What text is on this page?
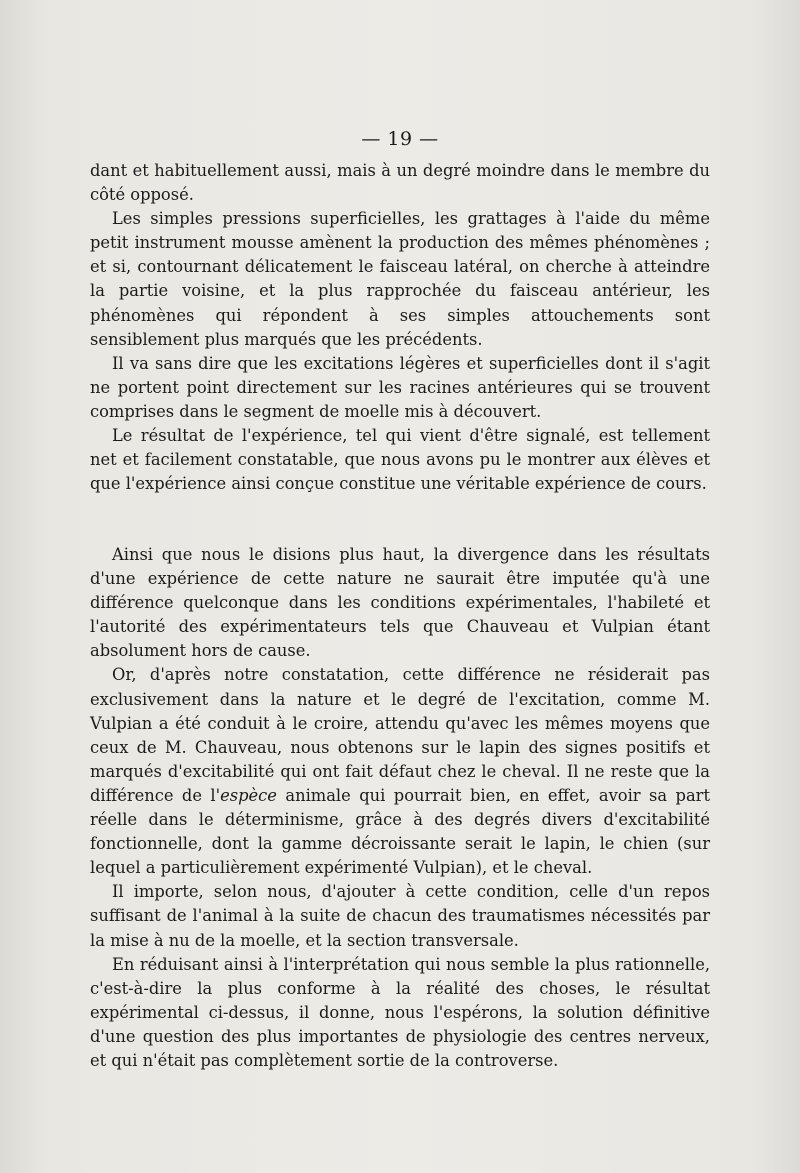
— 19 —

dant et habituellement aussi, mais à un degré moindre dans le membre du côté opposé.

Les simples pressions superficielles, les grattages à l'aide du même petit instrument mousse amènent la production des mêmes phénomènes ; et si, contournant délicatement le faisceau latéral, on cherche à atteindre la partie voisine, et la plus rapprochée du faisceau antérieur, les phénomènes qui répondent à ses simples attouchements sont sensiblement plus marqués que les précédents.

Il va sans dire que les excitations légères et superficielles dont il s'agit ne portent point directement sur les racines antérieures qui se trouvent comprises dans le segment de moelle mis à découvert.

Le résultat de l'expérience, tel qui vient d'être signalé, est tellement net et facilement constatable, que nous avons pu le montrer aux élèves et que l'expérience ainsi conçue constitue une véritable expérience de cours.

Ainsi que nous le disions plus haut, la divergence dans les résultats d'une expérience de cette nature ne saurait être imputée qu'à une différence quelconque dans les conditions expérimentales, l'habileté et l'autorité des expérimentateurs tels que Chauveau et Vulpian étant absolument hors de cause.

Or, d'après notre constatation, cette différence ne résiderait pas exclusivement dans la nature et le degré de l'excitation, comme M. Vulpian a été conduit à le croire, attendu qu'avec les mêmes moyens que ceux de M. Chauveau, nous obtenons sur le lapin des signes positifs et marqués d'excitabilité qui ont fait défaut chez le cheval. Il ne reste que la différence de l'espèce animale qui pourrait bien, en effet, avoir sa part réelle dans le déterminisme, grâce à des degrés divers d'excitabilité fonctionnelle, dont la gamme décroissante serait le lapin, le chien (sur lequel a particulièrement expérimenté Vulpian), et le cheval.

Il importe, selon nous, d'ajouter à cette condition, celle d'un repos suffisant de l'animal à la suite de chacun des traumatismes nécessités par la mise à nu de la moelle, et la section transversale.

En réduisant ainsi à l'interprétation qui nous semble la plus rationnelle, c'est-à-dire la plus conforme à la réalité des choses, le résultat expérimental ci-dessus, il donne, nous l'espérons, la solution définitive d'une question des plus importantes de physiologie des centres nerveux, et qui n'était pas complètement sortie de la controverse.
